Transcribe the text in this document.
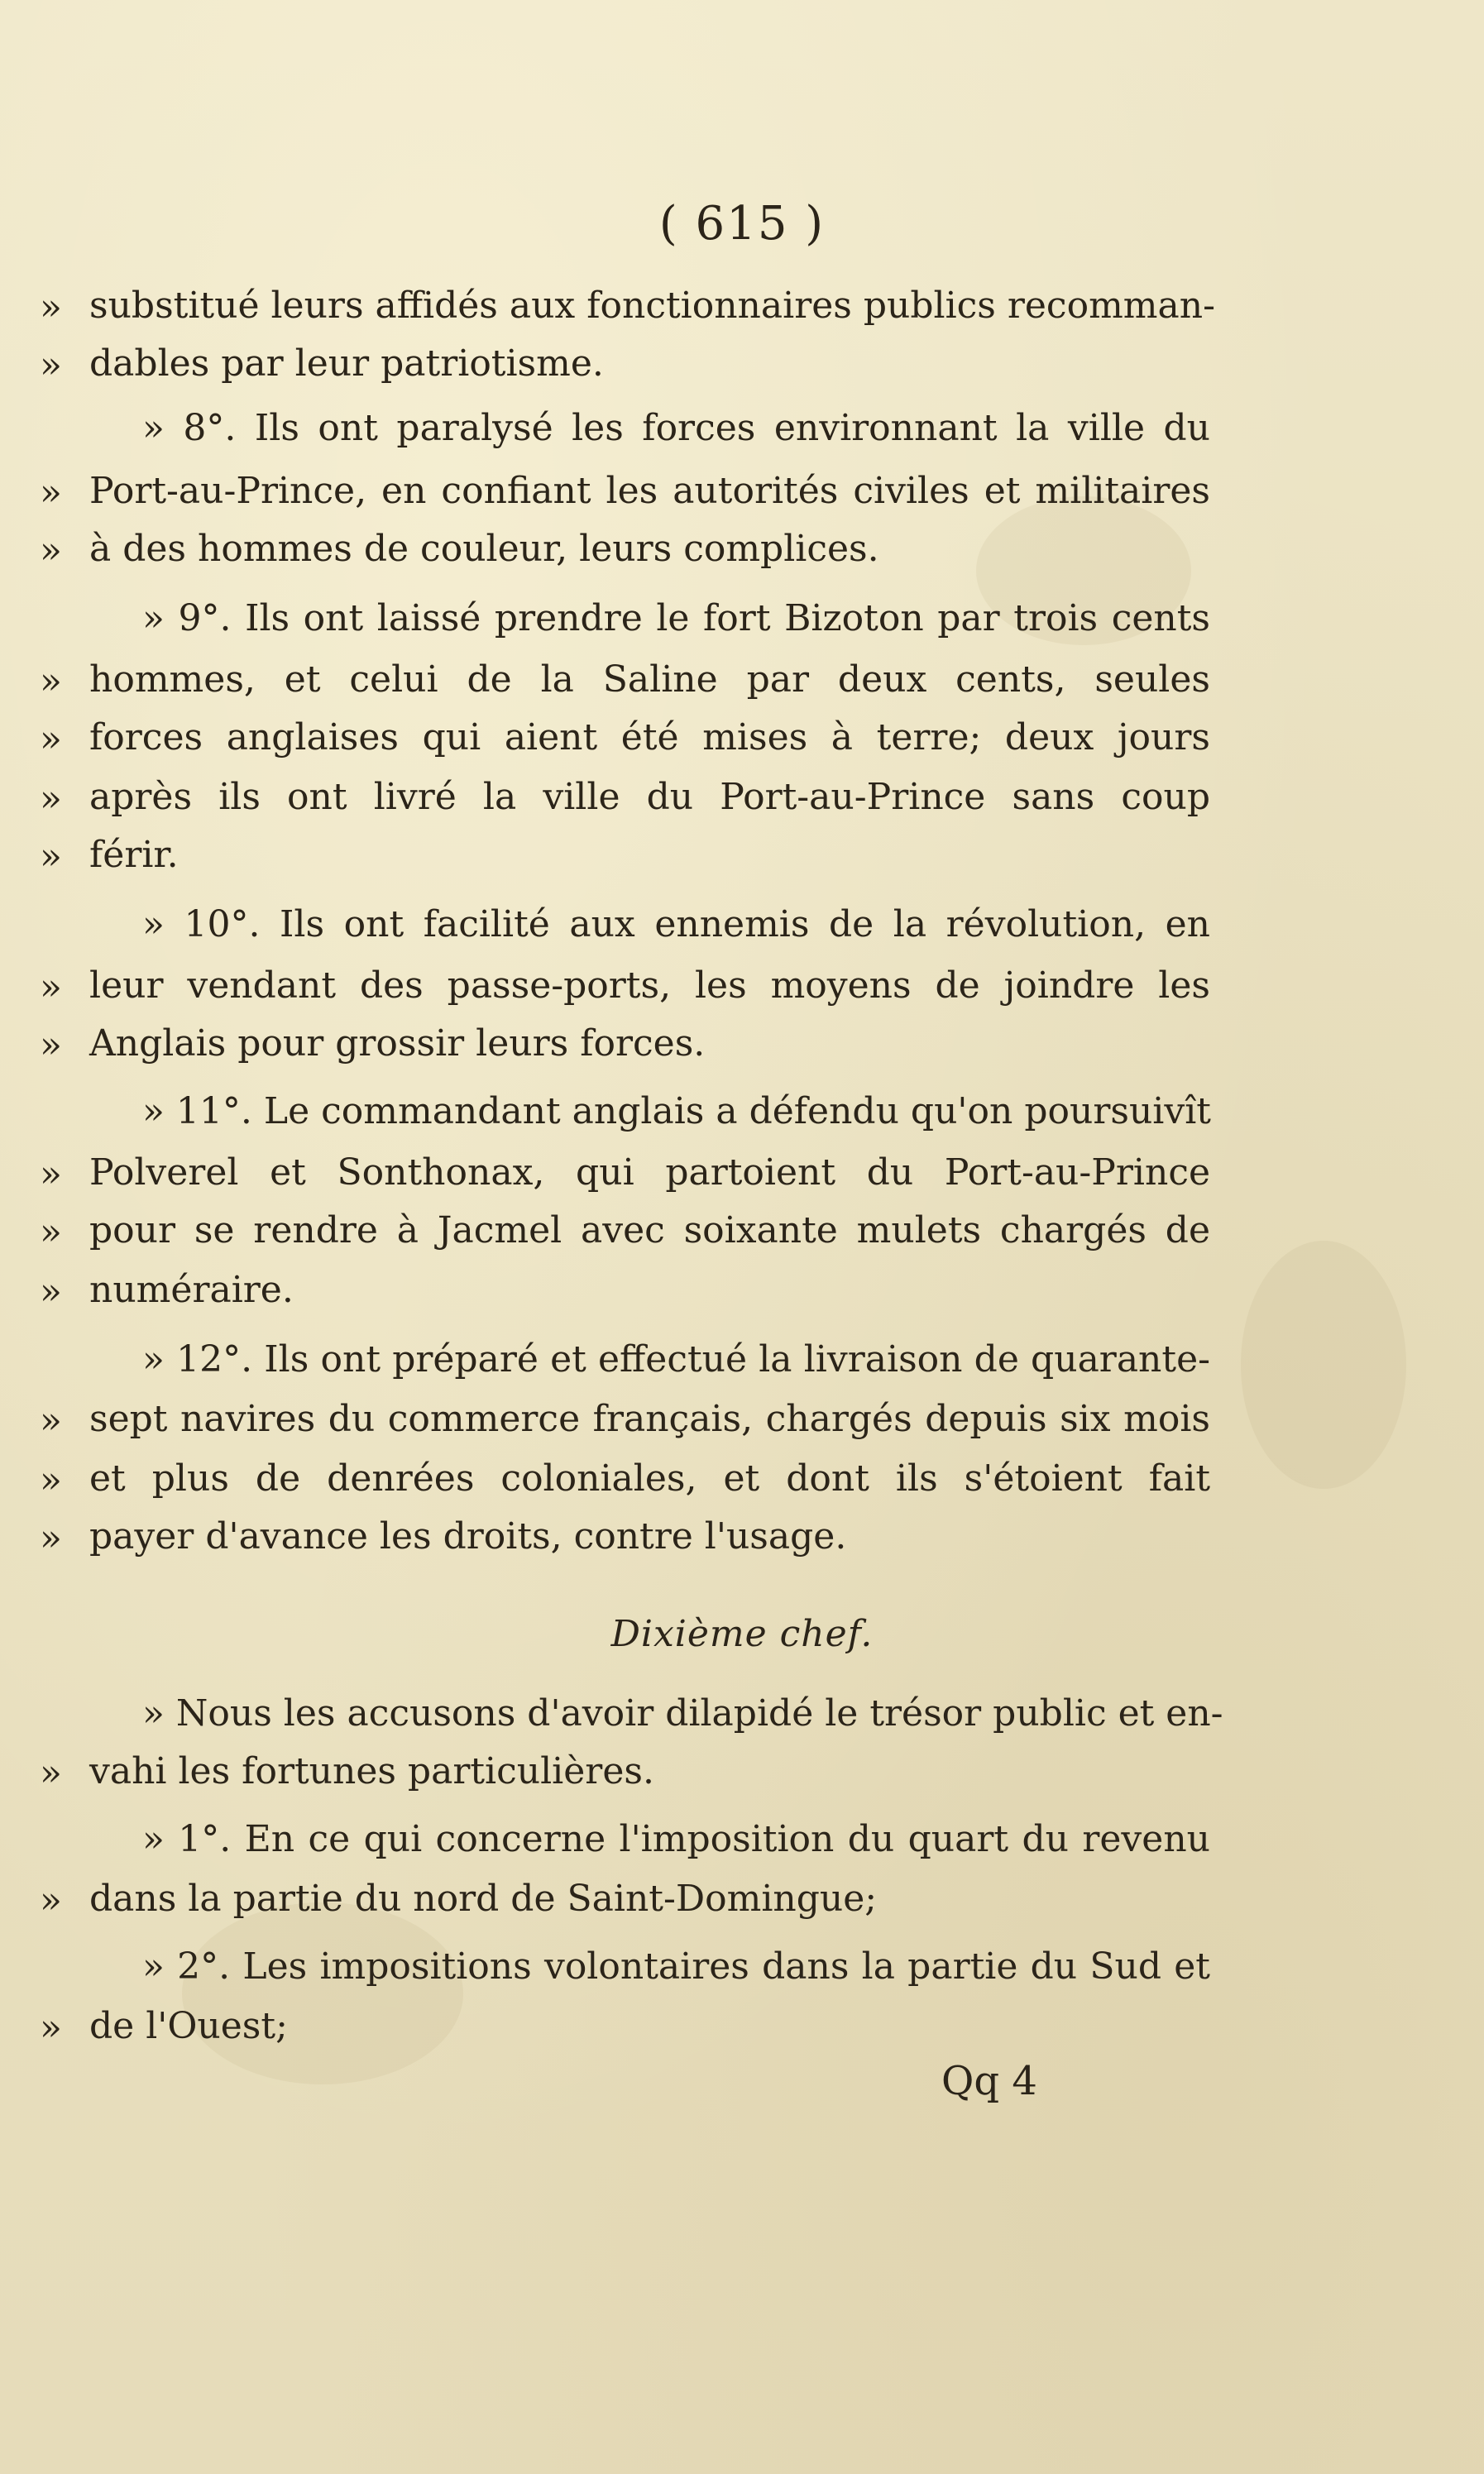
( 615 )
» substitué leurs affidés aux fonctionnaires publics recomman-
» dables par leur patriotisme.
» 8°. Ils ont paralysé les forces environnant la ville du
» Port-au-Prince, en confiant les autorités civiles et militaires
» à des hommes de couleur, leurs complices.
» 9°. Ils ont laissé prendre le fort Bizoton par trois cents
» hommes, et celui de la Saline par deux cents, seules
» forces anglaises qui aient été mises à terre; deux jours
» après ils ont livré la ville du Port-au-Prince sans coup
» férir.
» 10°. Ils ont facilité aux ennemis de la révolution, en
» leur vendant des passe-ports, les moyens de joindre les
» Anglais pour grossir leurs forces.
» 11°. Le commandant anglais a défendu qu'on poursuivît
» Polverel et Sonthonax, qui partoient du Port-au-Prince
» pour se rendre à Jacmel avec soixante mulets chargés de
» numéraire.
» 12°. Ils ont préparé et effectué la livraison de quarante-
» sept navires du commerce français, chargés depuis six mois
» et plus de denrées coloniales, et dont ils s'étoient fait
» payer d'avance les droits, contre l'usage.
Dixième chef.
» Nous les accusons d'avoir dilapidé le trésor public et en-
» vahi les fortunes particulières.
» 1°. En ce qui concerne l'imposition du quart du revenu
» dans la partie du nord de Saint-Domingue;
» 2°. Les impositions volontaires dans la partie du Sud et
» de l'Ouest;
Qq 4
